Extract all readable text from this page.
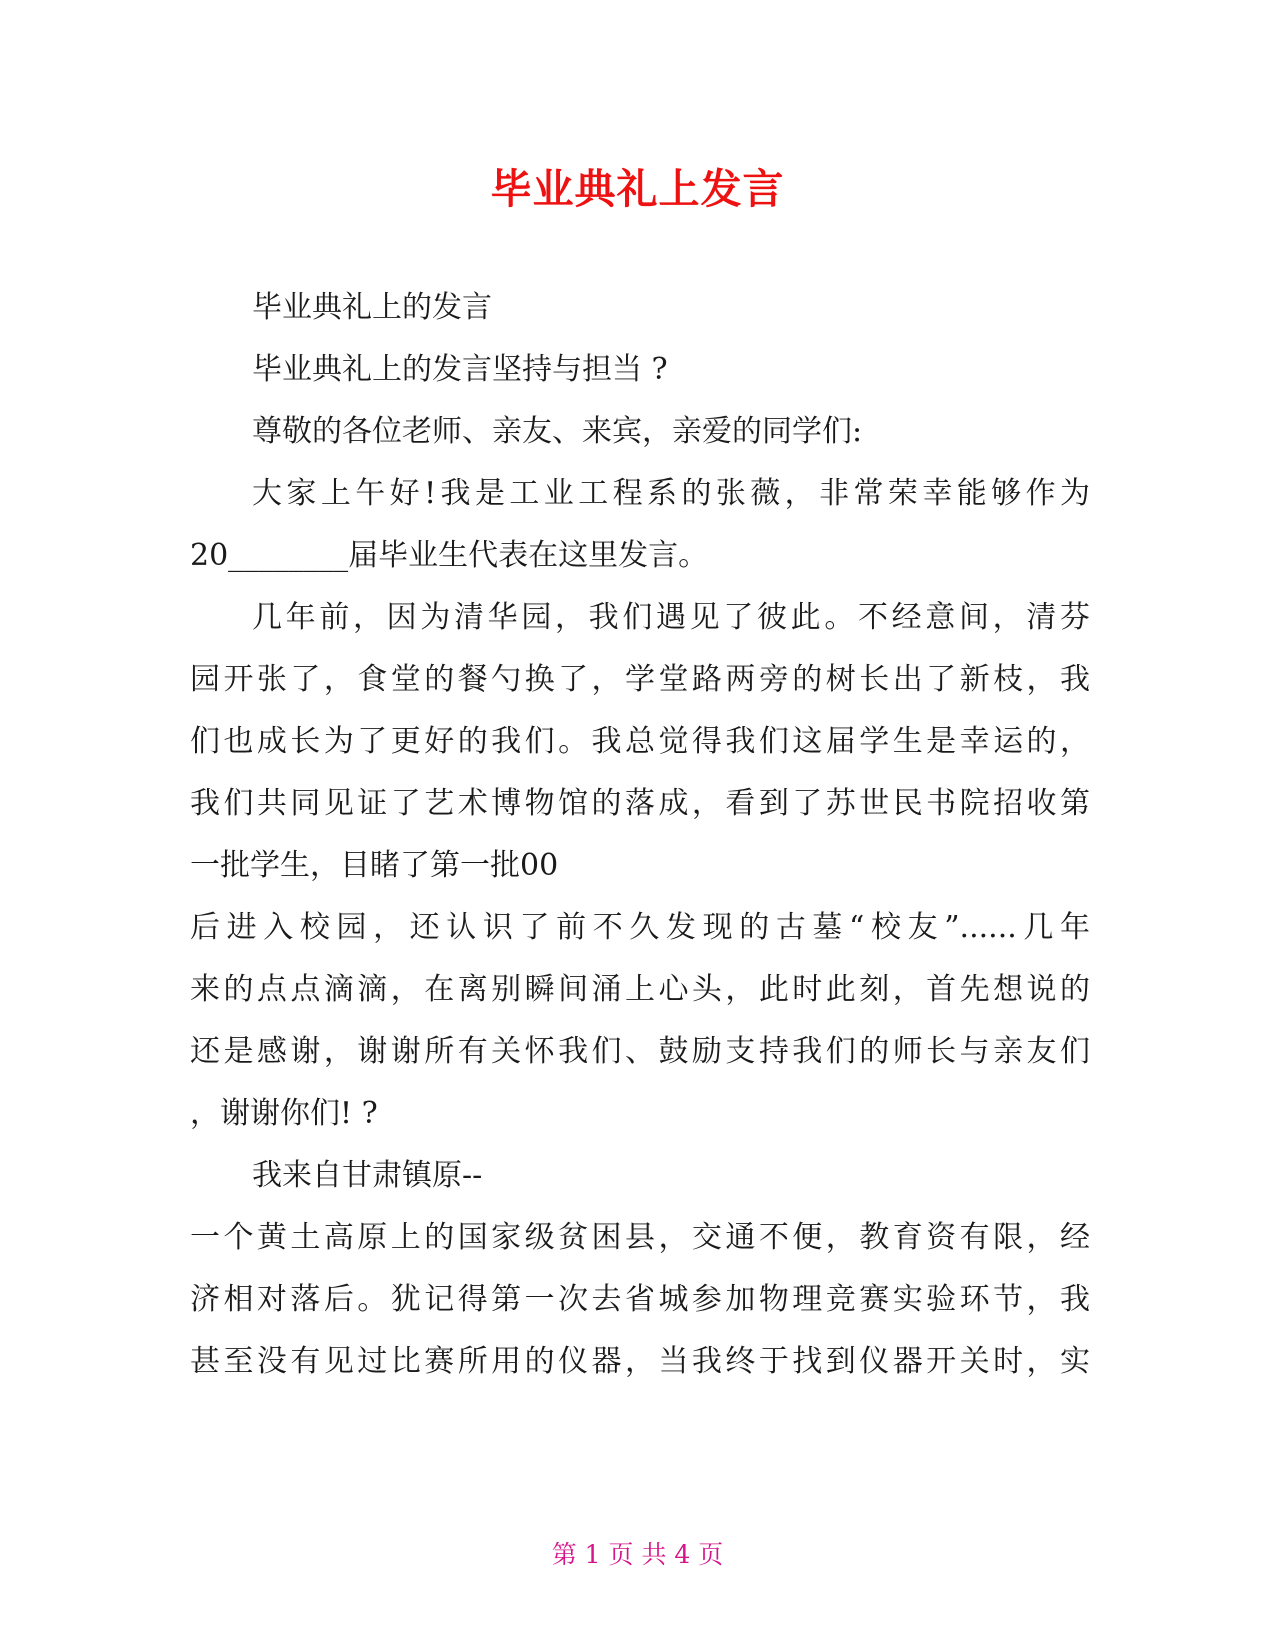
毕业典礼上发言

毕业典礼上的发言

毕业典礼上的发言坚持与担当 ?

尊敬的各位老师、亲友、来宾，亲爱的同学们:

大家上午好!我是工业工程系的张薇，非常荣幸能够作为

20________届毕业生代表在这里发言。

几年前，因为清华园，我们遇见了彼此。不经意间，清芬

园开张了，食堂的餐勺换了，学堂路两旁的树长出了新枝，我

们也成长为了更好的我们。我总觉得我们这届学生是幸运的，

我们共同见证了艺术博物馆的落成，看到了苏世民书院招收第

一批学生，目睹了第一批00

后进入校园，还认识了前不久发现的古墓“校友”......几年

来的点点滴滴，在离别瞬间涌上心头，此时此刻，首先想说的

还是感谢，谢谢所有关怀我们、鼓励支持我们的师长与亲友们

，谢谢你们! ?

我来自甘肃镇原--

一个黄土高原上的国家级贫困县，交通不便，教育资有限，经

济相对落后。犹记得第一次去省城参加物理竞赛实验环节，我

甚至没有见过比赛所用的仪器，当我终于找到仪器开关时，实

第 1 页 共 4 页
